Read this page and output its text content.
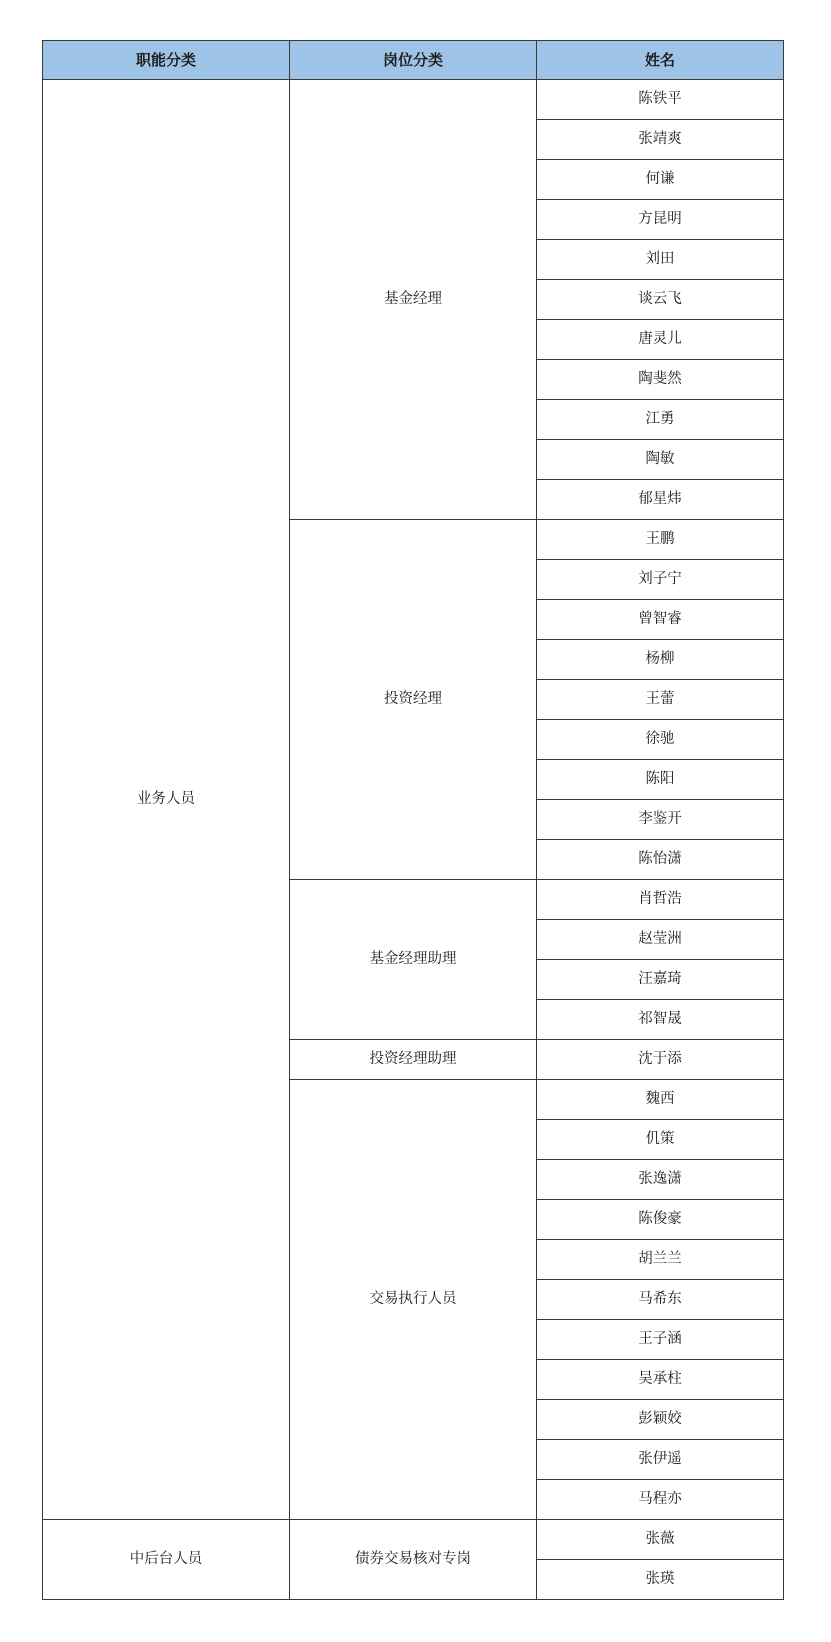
职能分类	岗位分类	姓名
业务人员	基金经理	陈铁平
		张靖爽
		何谦
		方昆明
		刘田
		谈云飞
		唐灵儿
		陶斐然
		江勇
		陶敏
		郁星炜
	投资经理	王鹏
		刘子宁
		曾智睿
		杨柳
		王蕾
		徐驰
		陈阳
		李鉴开
		陈怡潇
	基金经理助理	肖哲浩
		赵莹洲
		汪嘉琦
		祁智晟
	投资经理助理	沈于添
	交易执行人员	魏西
		仉策
		张逸潇
		陈俊豪
		胡兰兰
		马希东
		王子涵
		吴承柱
		彭颖姣
		张伊遥
		马程亦
中后台人员	债券交易核对专岗	张薇
		张瑛
